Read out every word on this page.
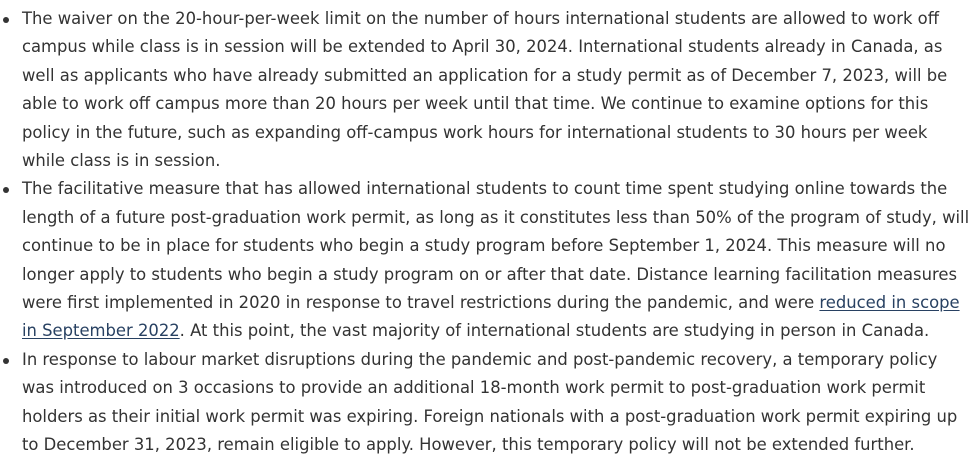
The waiver on the 20-hour-per-week limit on the number of hours international students are allowed to work off campus while class is in session will be extended to April 30, 2024. International students already in Canada, as well as applicants who have already submitted an application for a study permit as of December 7, 2023, will be able to work off campus more than 20 hours per week until that time. We continue to examine options for this policy in the future, such as expanding off-campus work hours for international students to 30 hours per week while class is in session.
The facilitative measure that has allowed international students to count time spent studying online towards the length of a future post-graduation work permit, as long as it constitutes less than 50% of the program of study, will continue to be in place for students who begin a study program before September 1, 2024. This measure will no longer apply to students who begin a study program on or after that date. Distance learning facilitation measures were first implemented in 2020 in response to travel restrictions during the pandemic, and were reduced in scope in September 2022. At this point, the vast majority of international students are studying in person in Canada.
In response to labour market disruptions during the pandemic and post-pandemic recovery, a temporary policy was introduced on 3 occasions to provide an additional 18-month work permit to post-graduation work permit holders as their initial work permit was expiring. Foreign nationals with a post-graduation work permit expiring up to December 31, 2023, remain eligible to apply. However, this temporary policy will not be extended further.
